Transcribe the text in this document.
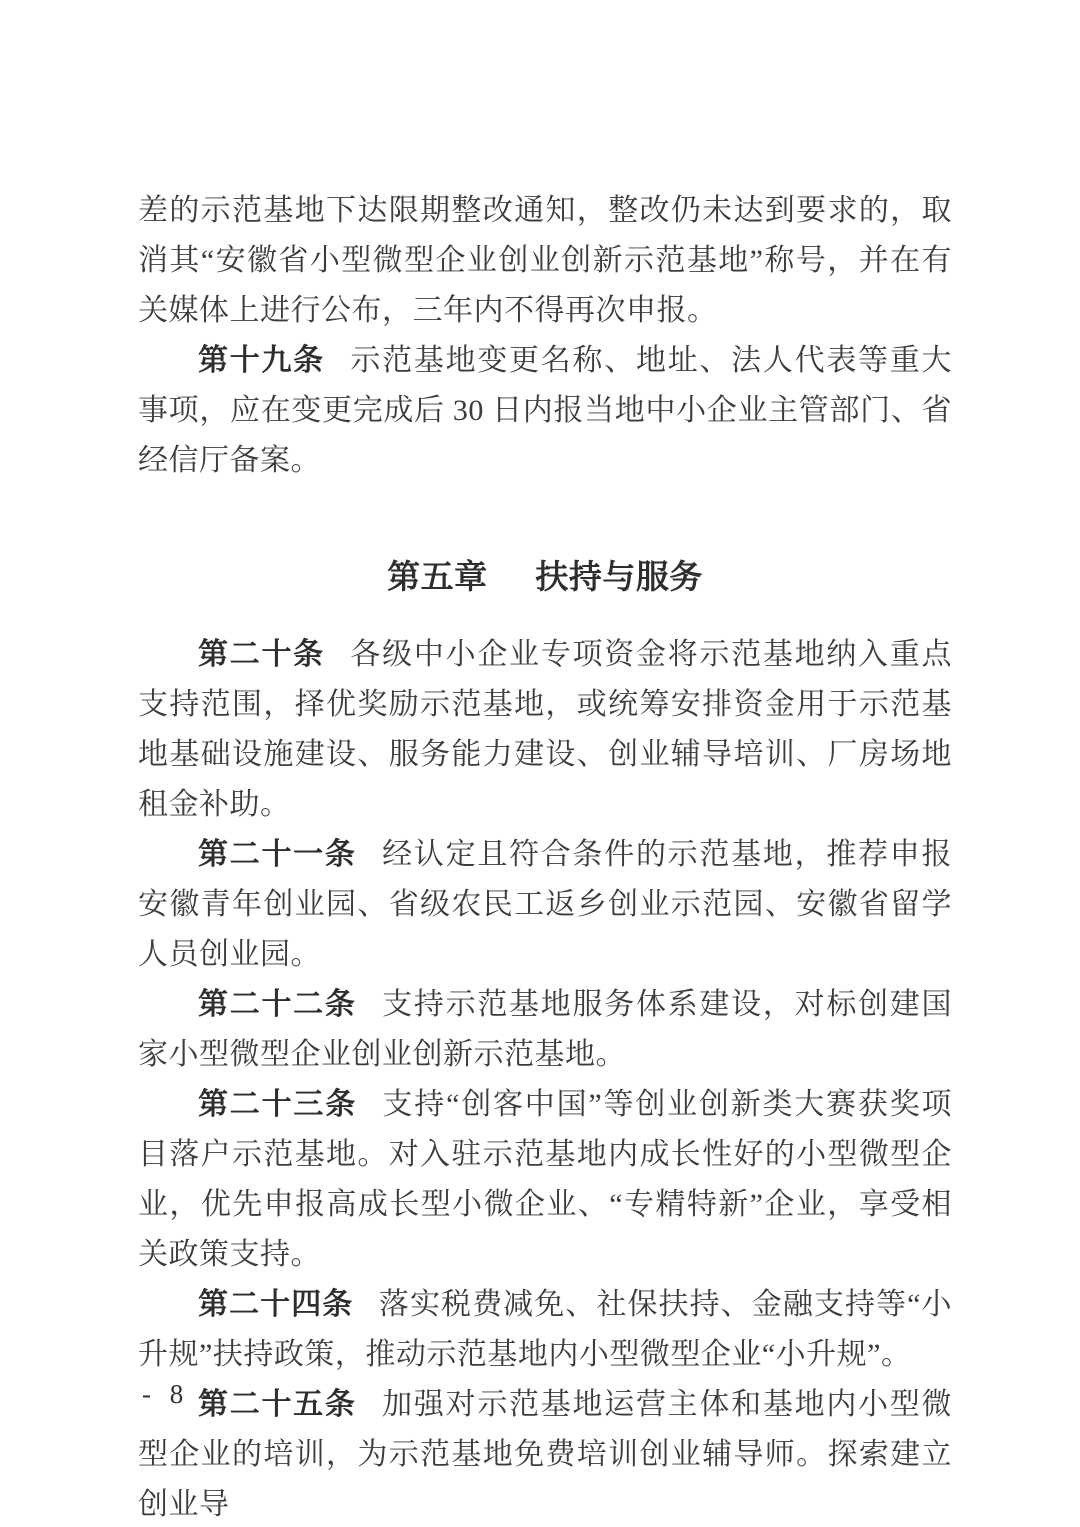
差的示范基地下达限期整改通知，整改仍未达到要求的，取消其“安徽省小型微型企业创业创新示范基地”称号，并在有关媒体上进行公布，三年内不得再次申报。

第十九条 示范基地变更名称、地址、法人代表等重大事项，应在变更完成后 30 日内报当地中小企业主管部门、省经信厅备案。

第五章 扶持与服务

第二十条 各级中小企业专项资金将示范基地纳入重点支持范围，择优奖励示范基地，或统筹安排资金用于示范基地基础设施建设、服务能力建设、创业辅导培训、厂房场地租金补助。

第二十一条 经认定且符合条件的示范基地，推荐申报安徽青年创业园、省级农民工返乡创业示范园、安徽省留学人员创业园。

第二十二条 支持示范基地服务体系建设，对标创建国家小型微型企业创业创新示范基地。

第二十三条 支持“创客中国”等创业创新类大赛获奖项目落户示范基地。对入驻示范基地内成长性好的小型微型企业，优先申报高成长型小微企业、“专精特新”企业，享受相关政策支持。

第二十四条 落实税费减免、社保扶持、金融支持等“小升规”扶持政策，推动示范基地内小型微型企业“小升规”。

第二十五条 加强对示范基地运营主体和基地内小型微型企业的培训，为示范基地免费培训创业辅导师。探索建立创业导

- 8 -
